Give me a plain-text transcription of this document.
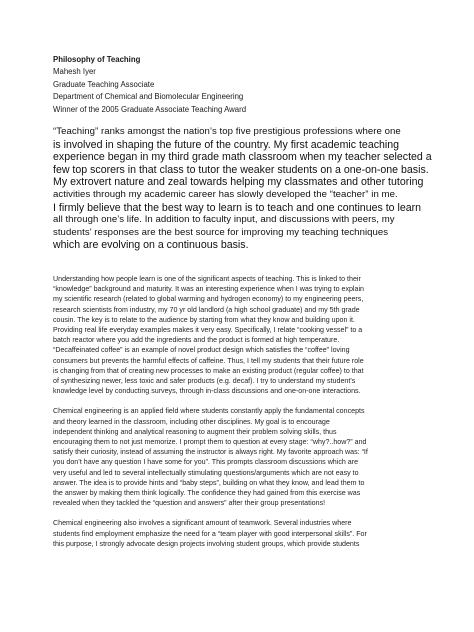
Philosophy of Teaching
Mahesh Iyer
Graduate Teaching Associate
Department of Chemical and Biomolecular Engineering
Winner of the 2005 Graduate Associate Teaching Award

“Teaching” ranks amongst the nation’s top five prestigious professions where one
is involved in shaping the future of the country. My first academic teaching
experience began in my third grade math classroom when my teacher selected a
few top scorers in that class to tutor the weaker students on a one-on-one basis.
My extrovert nature and zeal towards helping my classmates and other tutoring
activities through my academic career has slowly developed the “teacher” in me.
I firmly believe that the best way to learn is to teach and one continues to learn
all through one’s life. In addition to faculty input, and discussions with peers, my
students’ responses are the best source for improving my teaching techniques
which are evolving on a continuous basis.

Understanding how people learn is one of the significant aspects of teaching. This is linked to their
“knowledge” background and maturity. It was an interesting experience when I was trying to explain
my scientific research (related to global warming and hydrogen economy) to my engineering peers,
research scientists from industry, my 70 yr old landlord (a high school graduate) and my 5th grade
cousin. The key is to relate to the audience by starting from what they know and building upon it.
Providing real life everyday examples makes it very easy. Specifically, I relate “cooking vessel” to a
batch reactor where you add the ingredients and the product is formed at high temperature.
“Decaffeinated coffee” is an example of novel product design which satisfies the “coffee” loving
consumers but prevents the harmful effects of caffeine. Thus, I tell my students that their future role
is changing from that of creating new processes to make an existing product (regular coffee) to that
of synthesizing newer, less toxic and safer products (e.g. decaf). I try to understand my student’s
knowledge level by conducting surveys, through in-class discussions and one-on-one interactions.

Chemical engineering is an applied field where students constantly apply the fundamental concepts
and theory learned in the classroom, including other disciplines. My goal is to encourage
independent thinking and analytical reasoning to augment their problem solving skills, thus
encouraging them to not just memorize. I prompt them to question at every stage: “why?..how?” and
satisfy their curiosity, instead of assuming the instructor is always right. My favorite approach was: “If
you don’t have any question I have some for you”. This prompts classroom discussions which are
very useful and led to several intellectually stimulating questions/arguments which are not easy to
answer. The idea is to provide hints and “baby steps”, building on what they know, and lead them to
the answer by making them think logically. The confidence they had gained from this exercise was
revealed when they tackled the “question and answers” after their group presentations!

Chemical engineering also involves a significant amount of teamwork. Several industries where
students find employment emphasize the need for a “team player with good interpersonal skills”. For
this purpose, I strongly advocate design projects involving student groups, which provide students
